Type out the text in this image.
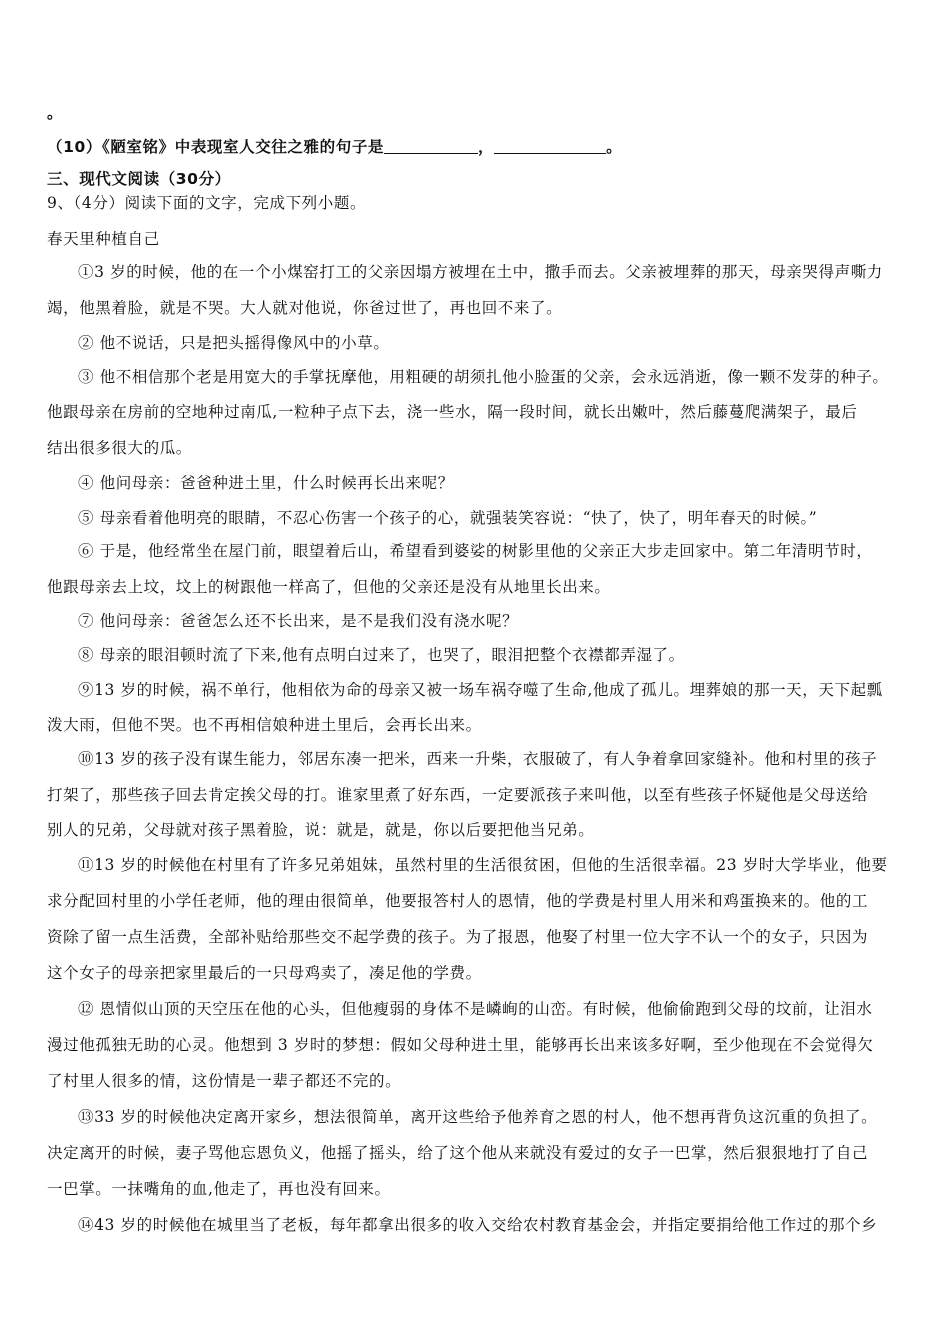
。
（10）《陋室铭》中表现室人交往之雅的句子是	，	。
三、现代文阅读（30分）
9、（4分）阅读下面的文字，完成下列小题。
春天里种植自己
①3 岁的时候，他的在一个小煤窑打工的父亲因塌方被埋在土中，撒手而去。父亲被埋葬的那天，母亲哭得声嘶力
竭，他黑着脸，就是不哭。大人就对他说，你爸过世了，再也回不来了。
② 他不说话，只是把头摇得像风中的小草。
③ 他不相信那个老是用宽大的手掌抚摩他，用粗硬的胡须扎他小脸蛋的父亲，会永远消逝，像一颗不发芽的种子。
他跟母亲在房前的空地种过南瓜,一粒种子点下去，浇一些水，隔一段时间，就长出嫩叶，然后藤蔓爬满架子，最后
结出很多很大的瓜。
④ 他问母亲：爸爸种进土里，什么时候再长出来呢？
⑤ 母亲看着他明亮的眼睛，不忍心伤害一个孩子的心，就强装笑容说：“快了，快了，明年春天的时候。”
⑥ 于是，他经常坐在屋门前，眼望着后山，希望看到婆娑的树影里他的父亲正大步走回家中。第二年清明节时，
他跟母亲去上坟，坟上的树跟他一样高了，但他的父亲还是没有从地里长出来。
⑦ 他问母亲：爸爸怎么还不长出来，是不是我们没有浇水呢？
⑧ 母亲的眼泪顿时流了下来,他有点明白过来了，也哭了，眼泪把整个衣襟都弄湿了。
⑨13 岁的时候，祸不单行，他相依为命的母亲又被一场车祸夺噬了生命,他成了孤儿。埋葬娘的那一天，天下起瓢
泼大雨，但他不哭。也不再相信娘种进土里后，会再长出来。
⑩13 岁的孩子没有谋生能力，邻居东凑一把米，西来一升柴，衣服破了，有人争着拿回家缝补。他和村里的孩子
打架了，那些孩子回去肯定挨父母的打。谁家里煮了好东西，一定要派孩子来叫他，以至有些孩子怀疑他是父母送给
别人的兄弟，父母就对孩子黑着脸，说：就是，就是，你以后要把他当兄弟。
⑪13 岁的时候他在村里有了许多兄弟姐妹，虽然村里的生活很贫困，但他的生活很幸福。23 岁时大学毕业，他要
求分配回村里的小学任老师，他的理由很简单，他要报答村人的恩情，他的学费是村里人用米和鸡蛋换来的。他的工
资除了留一点生活费，全部补贴给那些交不起学费的孩子。为了报恩，他娶了村里一位大字不认一个的女子，只因为
这个女子的母亲把家里最后的一只母鸡卖了，凑足他的学费。
⑫ 恩情似山顶的天空压在他的心头，但他瘦弱的身体不是嶙峋的山峦。有时候，他偷偷跑到父母的坟前，让泪水
漫过他孤独无助的心灵。他想到 3 岁时的梦想：假如父母种进土里，能够再长出来该多好啊，至少他现在不会觉得欠
了村里人很多的情，这份情是一辈子都还不完的。
⑬33 岁的时候他决定离开家乡，想法很简单，离开这些给予他养育之恩的村人，他不想再背负这沉重的负担了。
决定离开的时候，妻子骂他忘恩负义，他摇了摇头，给了这个他从来就没有爱过的女子一巴掌，然后狠狠地打了自己
一巴掌。一抹嘴角的血,他走了，再也没有回来。
⑭43 岁的时候他在城里当了老板，每年都拿出很多的收入交给农村教育基金会，并指定要捐给他工作过的那个乡
